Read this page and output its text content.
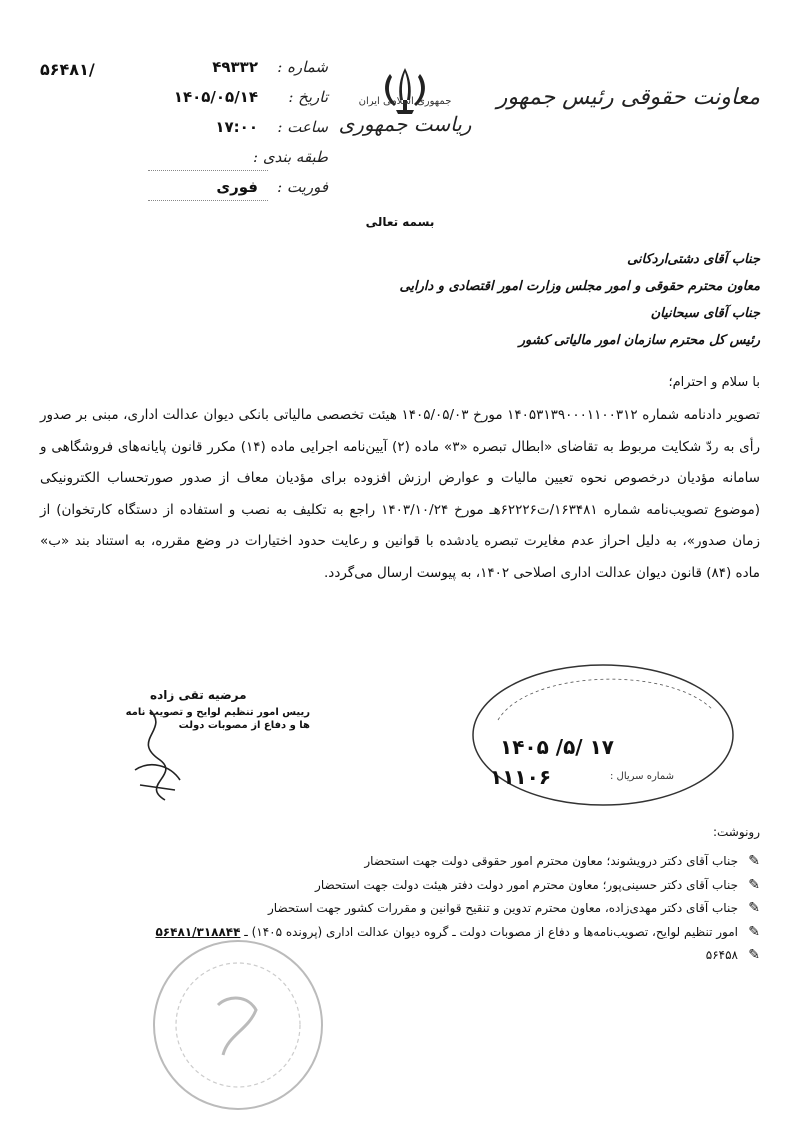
۵۶۴۸۱/	شماره :
۴۹۳۳۲
تاریخ :
۱۴۰۵/۰۵/۱۴
ساعت :
۱۷:۰۰
طبقه بندی :
فوریت :
فوری
جمهوری اسلامی ایران
ریاست جمهوری
معاونت حقوقی رئیس جمهور
بسمه تعالی
جناب آقای دشتی‌اردکانی
معاون محترم حقوقی و امور مجلس وزارت امور اقتصادی و دارایی
جناب آقای سبحانیان
رئیس کل محترم سازمان امور مالیاتی کشور
با سلام و احترام؛
تصویر دادنامه شماره ۱۴۰۵۳۱۳۹۰۰۰۱۱۰۰۳۱۲ مورخ ۱۴۰۵/۰۵/۰۳ هیئت تخصصی مالیاتی بانکی دیوان عدالت اداری، مبنی بر صدور رأی به ردّ شکایت مربوط به تقاضای «ابطال تبصره «۳» ماده (۲) آیین‌نامه اجرایی ماده (۱۴) مکرر قانون پایانه‌های فروشگاهی و سامانه مؤدیان درخصوص نحوه تعیین مالیات و عوارض ارزش افزوده برای مؤدیان معاف از صدور صورتحساب الکترونیکی (موضوع تصویب‌نامه شماره ۱۶۳۴۸۱/ت۶۲۲۲۶هـ مورخ ۱۴۰۳/۱۰/۲۴ راجع به تکلیف به نصب و استفاده از دستگاه کارتخوان) از زمان صدور»، به دلیل احراز عدم مغایرت تبصره یادشده با قوانین و رعایت حدود اختیارات در وضع مقرره، به استناد بند «ب» ماده (۸۴) قانون دیوان عدالت اداری اصلاحی ۱۴۰۲، به پیوست ارسال می‌گردد.
مرضیه تقی زاده
رییس امور تنظیم لوایح و تصویب نامه ها و دفاع از مصوبات دولت
۱۴۰۵ /۵/ ۱۷
شماره سریال :
۱۱۱۰۶
رونوشت:
✎
جناب آقای دکتر درویشوند؛ معاون محترم امور حقوقی دولت جهت استحضار
✎
جناب آقای دکتر حسینی‌پور؛ معاون محترم امور دولت دفتر هیئت دولت جهت استحضار
✎
جناب آقای دکتر مهدی‌زاده، معاون محترم تدوین و تنقیح قوانین و مقررات کشور جهت استحضار
✎
امور تنظیم لوایح، تصویب‌نامه‌ها و دفاع از مصوبات دولت ـ گروه دیوان عدالت اداری (پرونده ۱۴۰۵) ـ ۵۶۴۸۱/۳۱۸۸۴۴
✎
۵۶۴۵۸
